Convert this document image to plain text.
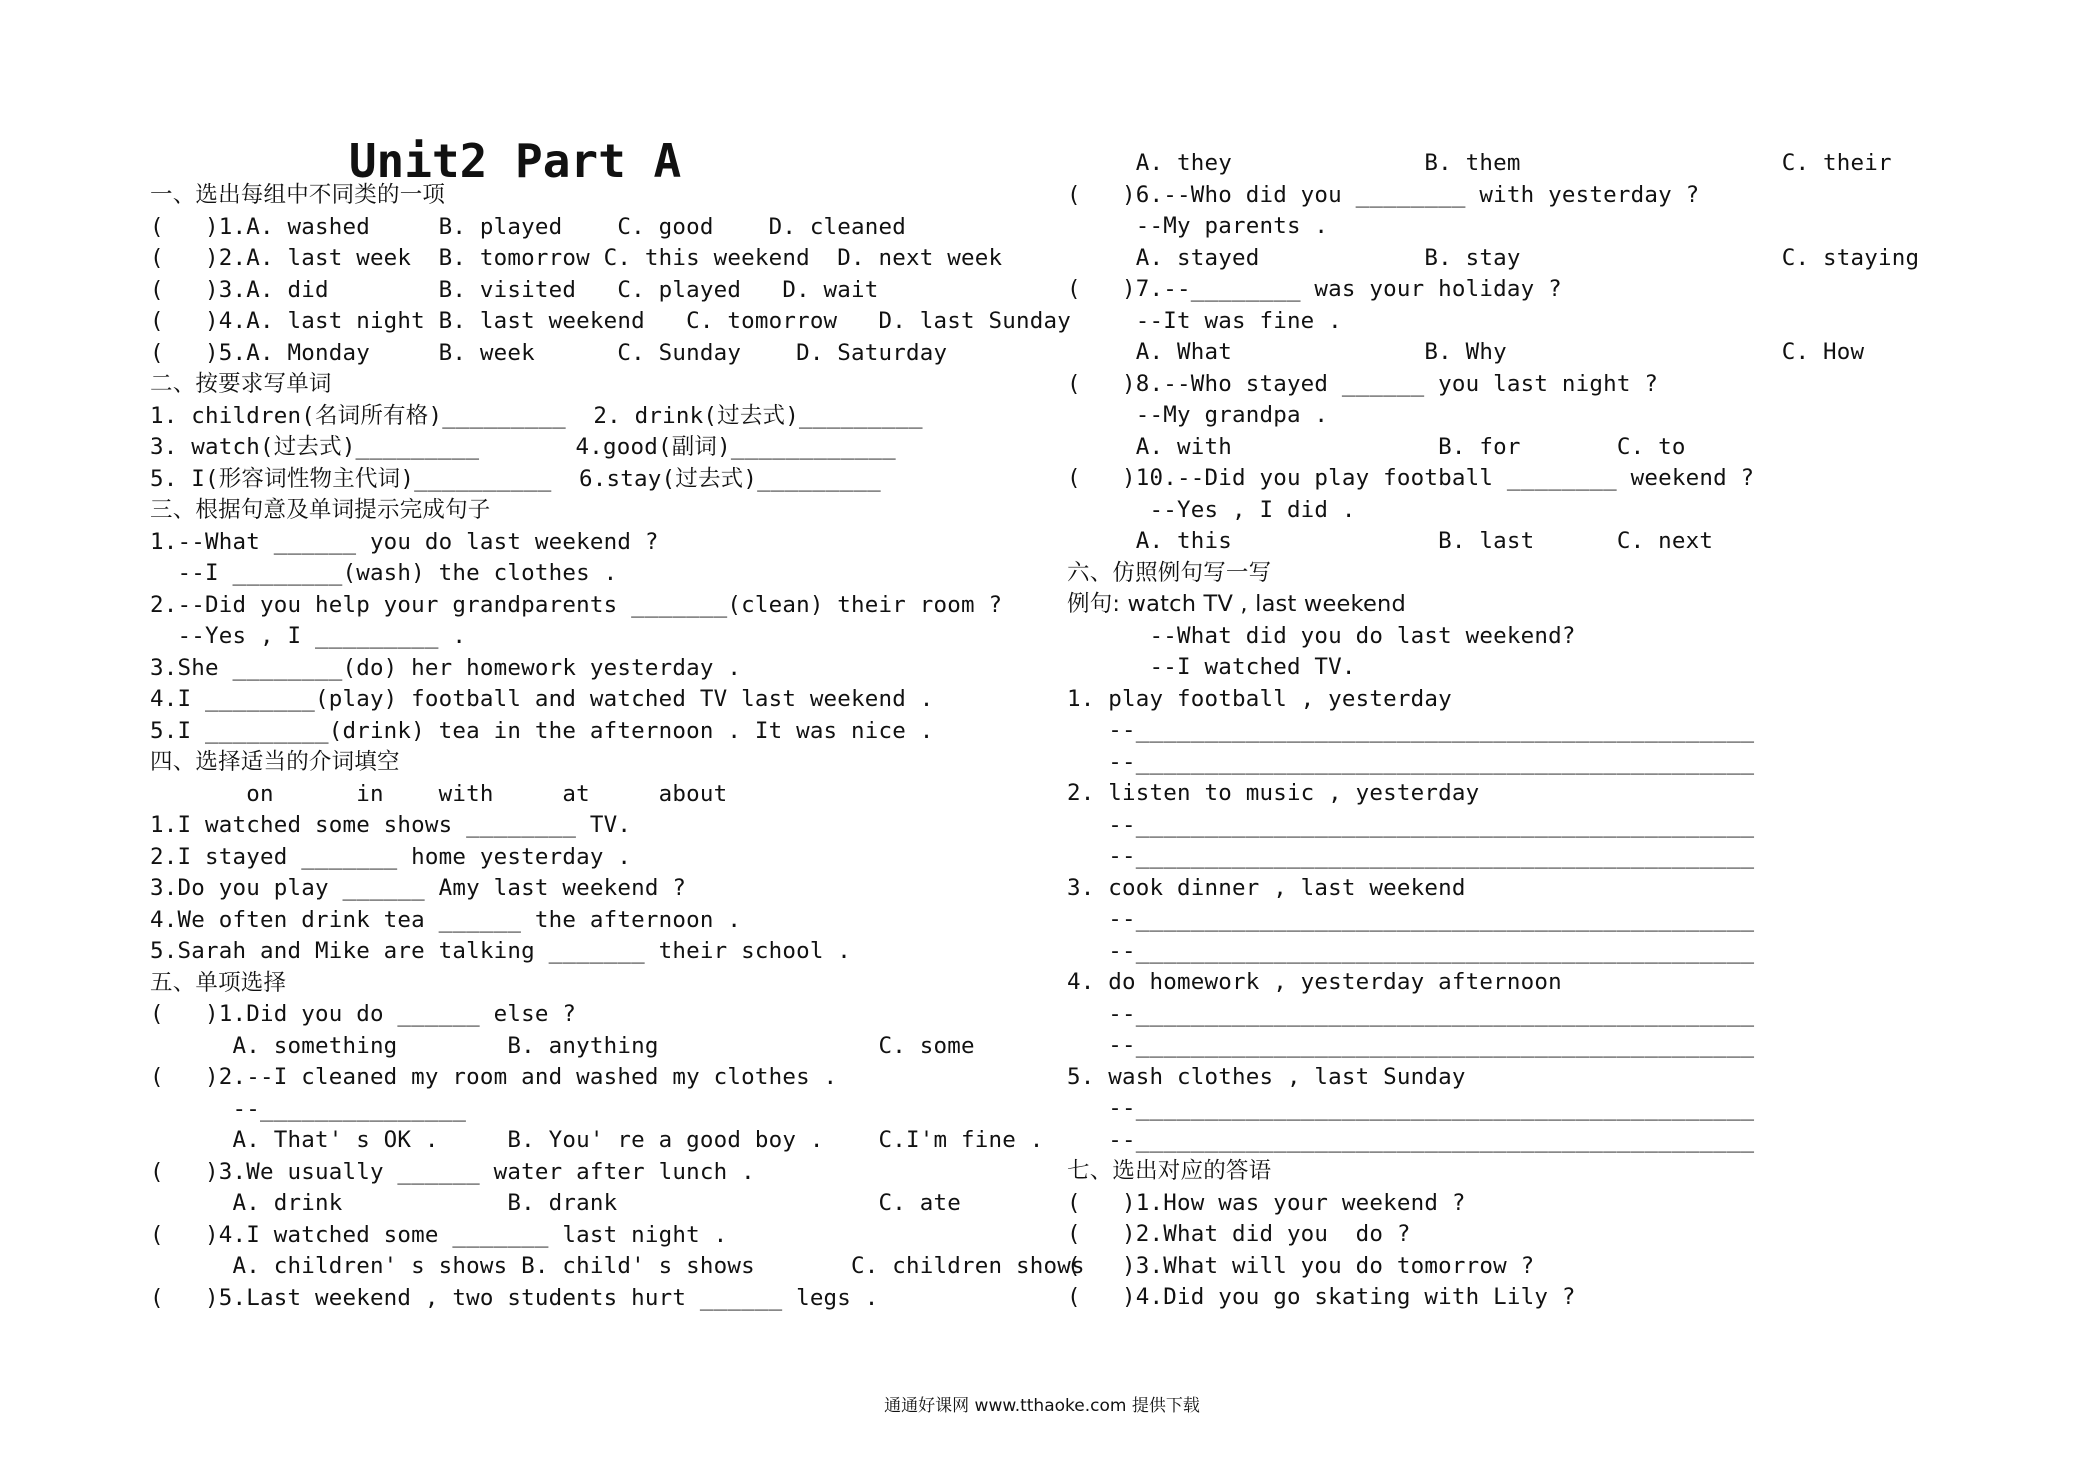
Unit2 Part A
一、选出每组中不同类的一项
(   )1.A. washed     B. played    C. good    D. cleaned
(   )2.A. last week  B. tomorrow C. this weekend  D. next week
(   )3.A. did        B. visited   C. played   D. wait
(   )4.A. last night B. last weekend   C. tomorrow   D. last Sunday
(   )5.A. Monday     B. week      C. Sunday    D. Saturday
二、按要求写单词
1. children(名词所有格)_________  2. drink(过去式)_________
3. watch(过去式)_________       4.good(副词)____________
5. I(形容词性物主代词)__________  6.stay(过去式)_________
三、根据句意及单词提示完成句子
1.--What ______ you do last weekend ?
--I ________(wash) the clothes .
2.--Did you help your grandparents _______(clean) their room ?
--Yes , I _________ .
3.She ________(do) her homework yesterday .
4.I ________(play) football and watched TV last weekend .
5.I _________(drink) tea in the afternoon . It was nice .
四、选择适当的介词填空
on      in    with     at     about
1.I watched some shows ________ TV.
2.I stayed _______ home yesterday .
3.Do you play ______ Amy last weekend ?
4.We often drink tea ______ the afternoon .
5.Sarah and Mike are talking _______ their school .
五、单项选择
(   )1.Did you do ______ else ?
A. something        B. anything                C. some
(   )2.--I cleaned my room and washed my clothes .
--_______________
A. That' s OK .     B. You' re a good boy .    C.I'm fine .
(   )3.We usually ______ water after lunch .
A. drink            B. drank                   C. ate
(   )4.I watched some _______ last night .
A. children' s shows B. child' s shows       C. children shows
(   )5.Last weekend , two students hurt ______ legs .
A. they              B. them                   C. their
(   )6.--Who did you ________ with yesterday ?
--My parents .
A. stayed            B. stay                   C. staying
(   )7.--________ was your holiday ?
--It was fine .
A. What              B. Why                    C. How
(   )8.--Who stayed ______ you last night ?
--My grandpa .
A. with               B. for       C. to
(   )10.--Did you play football ________ weekend ?
--Yes , I did .
A. this               B. last      C. next
六、仿照例句写一写
例句: watch TV , last weekend
--What did you do last weekend?
--I watched TV.
1. play football , yesterday
--_____________________________________________
--_____________________________________________
2. listen to music , yesterday
--_____________________________________________
--_____________________________________________
3. cook dinner , last weekend
--_____________________________________________
--_____________________________________________
4. do homework , yesterday afternoon
--_____________________________________________
--_____________________________________________
5. wash clothes , last Sunday
--_____________________________________________
--_____________________________________________
七、选出对应的答语
(   )1.How was your weekend ?
(   )2.What did you  do ?
(   )3.What will you do tomorrow ?
(   )4.Did you go skating with Lily ?
通通好课网 www.tthaoke.com 提供下载
